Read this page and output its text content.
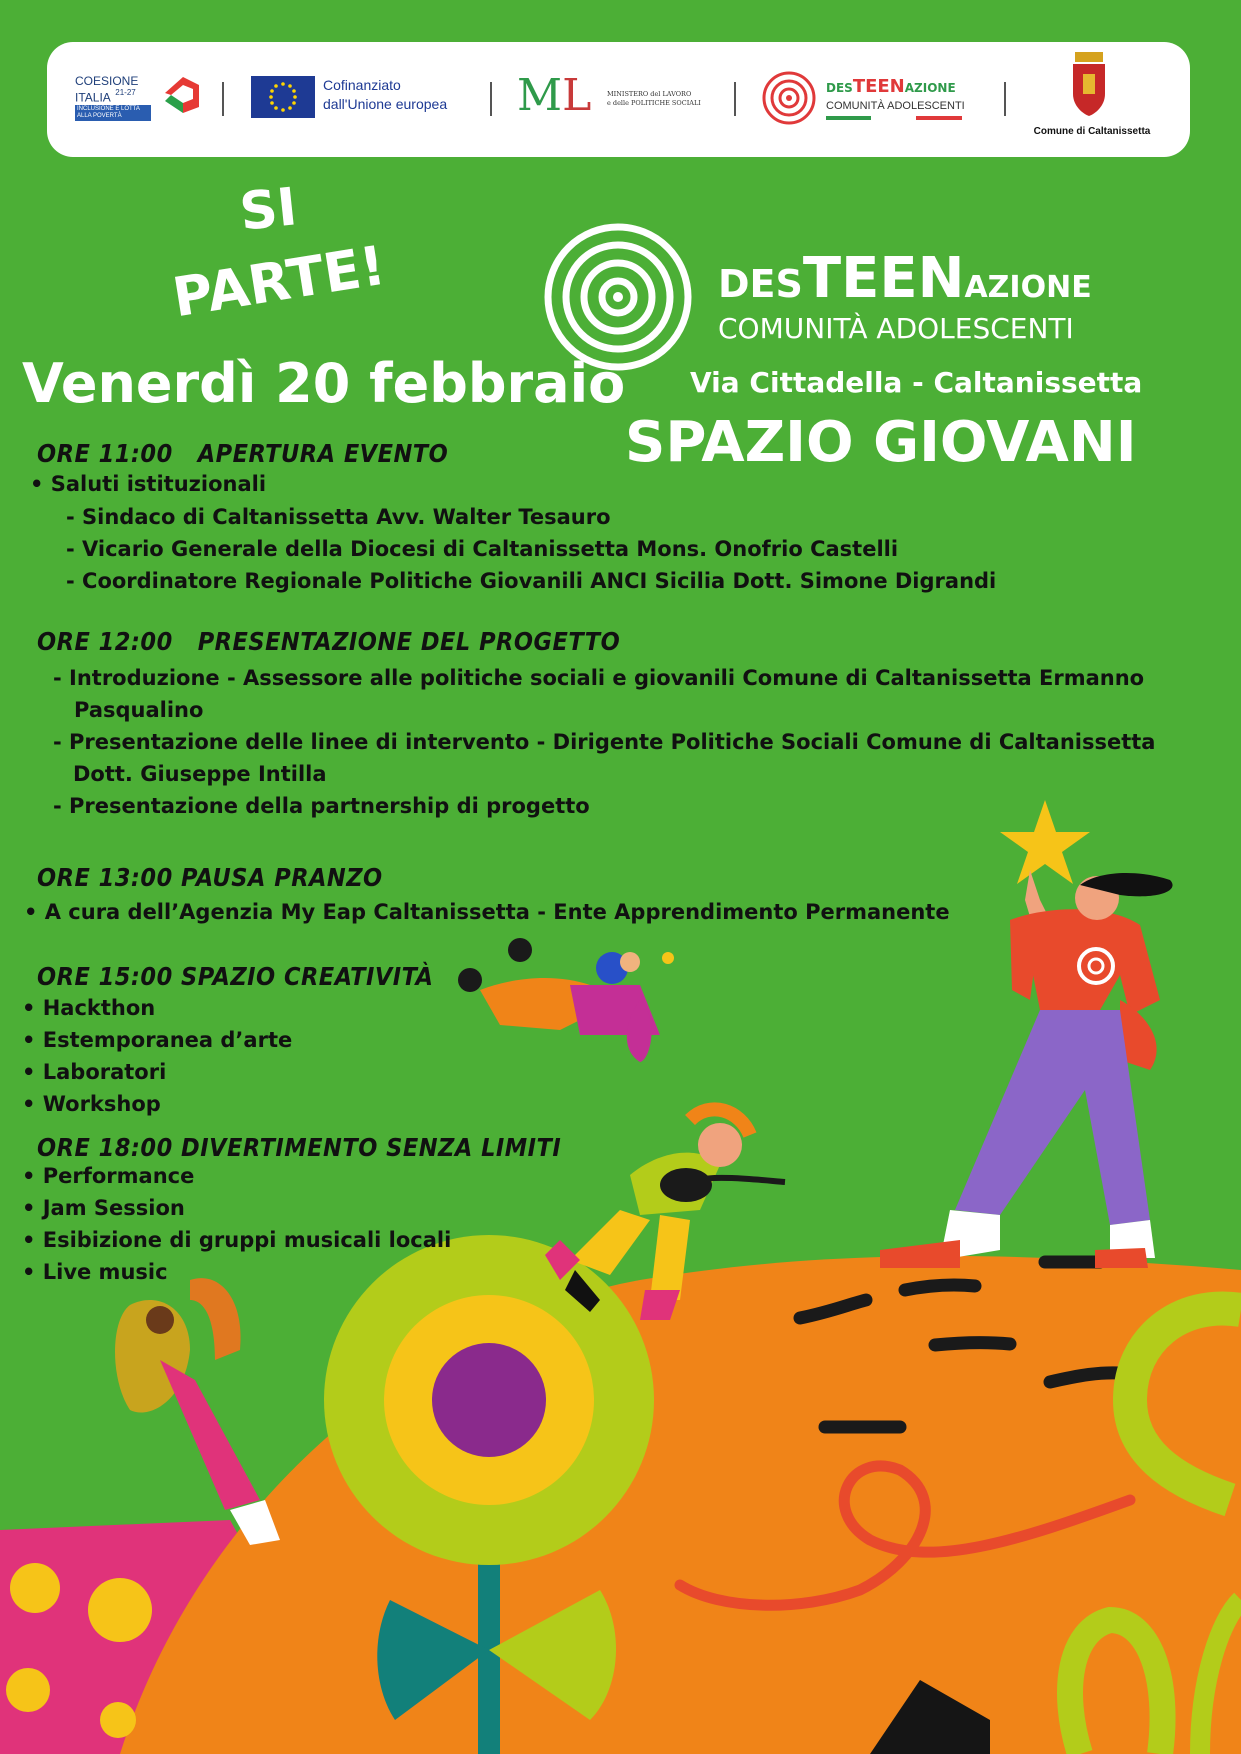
COESIONE
ITALIA $^{21-27}$
INCLUSIONE E LOTTA
ALLA POVERTÀ
Cofinanziato
dall'Unione europea ML MINISTERO del LAVORO
e delle POLITICHE SOCIALI
DESTEENAZIONE
COMUNITÀ ADOLESCENTI
Comune di Caltanissetta
SI
PARTE!
Venerdì 20 febbraio
DESTEENAZIONE
COMUNITÀ ADOLESCENTI
Via Cittadella - Caltanissetta
SPAZIO GIOVANI
ORE 11:00   APERTURA EVENTO
• Saluti istituzionali
- Sindaco di Caltanissetta Avv. Walter Tesauro
- Vicario Generale della Diocesi di Caltanissetta Mons. Onofrio Castelli
- Coordinatore Regionale Politiche Giovanili ANCI Sicilia Dott. Simone Digrandi
ORE 12:00   PRESENTAZIONE DEL PROGETTO
- Introduzione - Assessore alle politiche sociali e giovanili Comune di Caltanissetta Ermanno
Pasqualino
- Presentazione delle linee di intervento - Dirigente Politiche Sociali Comune di Caltanissetta
Dott. Giuseppe Intilla
- Presentazione della partnership di progetto
ORE 13:00 PAUSA PRANZO
• A cura dell’Agenzia My Eap Caltanissetta - Ente Apprendimento Permanente
ORE 15:00 SPAZIO CREATIVITÀ
• Hackthon
• Estemporanea d’arte
• Laboratori
• Workshop
ORE 18:00 DIVERTIMENTO SENZA LIMITI
• Performance
• Jam Session
• Esibizione di gruppi musicali locali
• Live music
